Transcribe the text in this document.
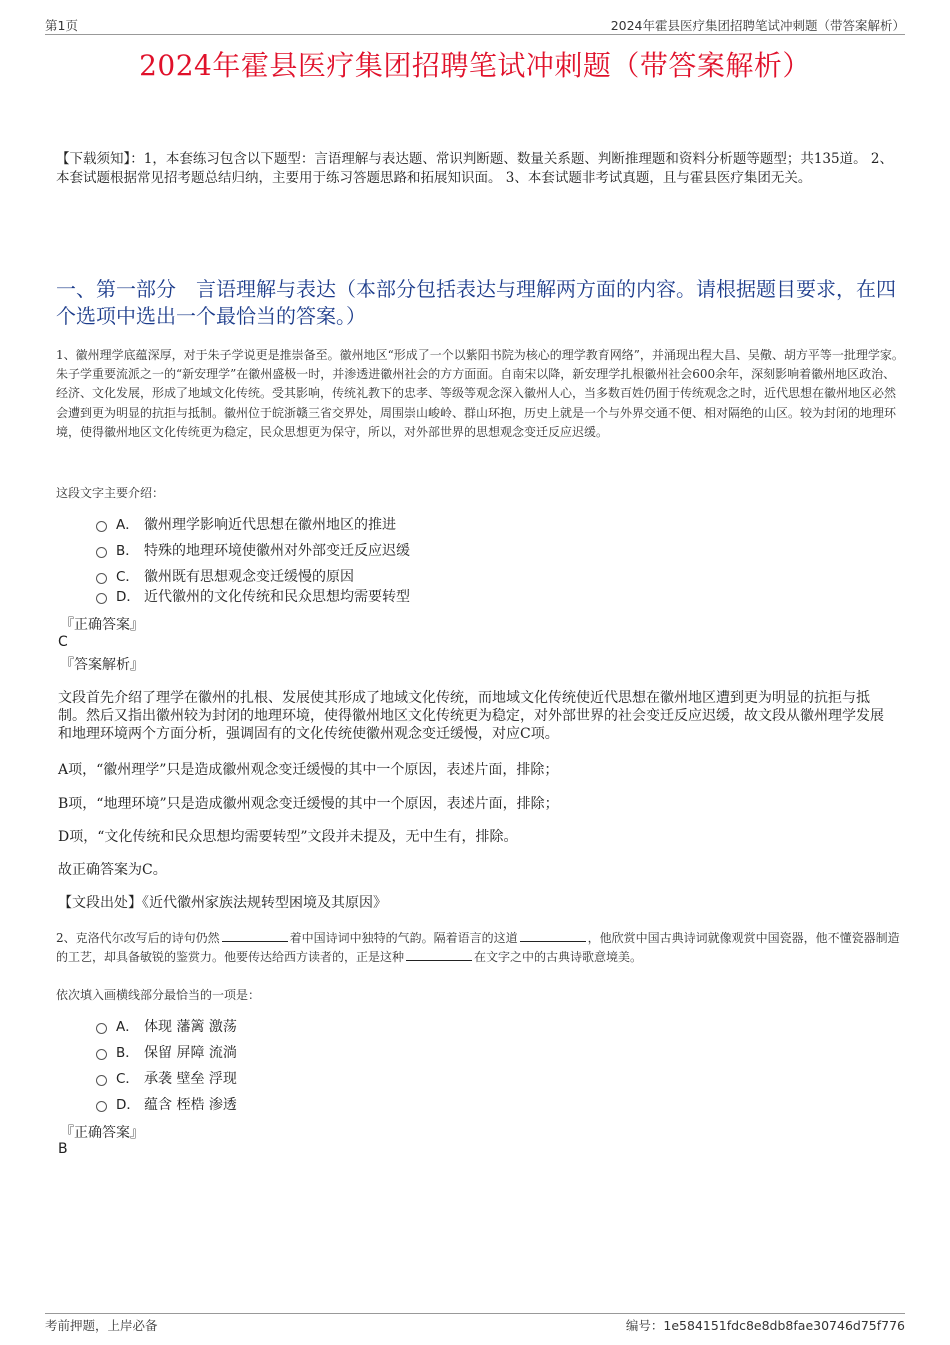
第1页	2024年霍县医疗集团招聘笔试冲刺题（带答案解析）
2024年霍县医疗集团招聘笔试冲刺题（带答案解析）
【下载须知】：1，本套练习包含以下题型：言语理解与表达题、常识判断题、数量关系题、判断推理题和资料分析题等题型；共135道。 2、本套试题根据常见招考题总结归纳，主要用于练习答题思路和拓展知识面。 3、本套试题非考试真题，且与霍县医疗集团无关。
一、第一部分　言语理解与表达（本部分包括表达与理解两方面的内容。请根据题目要求，在四个选项中选出一个最恰当的答案。）
1、徽州理学底蕴深厚，对于朱子学说更是推崇备至。徽州地区“形成了一个以紫阳书院为核心的理学教育网络”，并涌现出程大昌、吴儆、胡方平等一批理学家。朱子学重要流派之一的“新安理学”在徽州盛极一时，并渗透进徽州社会的方方面面。自南宋以降，新安理学扎根徽州社会600余年，深刻影响着徽州地区政治、经济、文化发展，形成了地域文化传统。受其影响，传统礼教下的忠孝、等级等观念深入徽州人心，当多数百姓仍囿于传统观念之时，近代思想在徽州地区必然会遭到更为明显的抗拒与抵制。徽州位于皖浙赣三省交界处，周围崇山峻岭、群山环抱，历史上就是一个与外界交通不便、相对隔绝的山区。较为封闭的地理环境，使得徽州地区文化传统更为稳定，民众思想更为保守，所以，对外部世界的思想观念变迁反应迟缓。
这段文字主要介绍：
A． 徽州理学影响近代思想在徽州地区的推进
B． 特殊的地理环境使徽州对外部变迁反应迟缓
C． 徽州既有思想观念变迁缓慢的原因
D． 近代徽州的文化传统和民众思想均需要转型
『正确答案』
C
『答案解析』
文段首先介绍了理学在徽州的扎根、发展使其形成了地域文化传统，而地域文化传统使近代思想在徽州地区遭到更为明显的抗拒与抵制。然后又指出徽州较为封闭的地理环境，使得徽州地区文化传统更为稳定，对外部世界的社会变迁反应迟缓，故文段从徽州理学发展和地理环境两个方面分析，强调固有的文化传统使徽州观念变迁缓慢，对应C项。
A项，“徽州理学”只是造成徽州观念变迁缓慢的其中一个原因，表述片面，排除；
B项，“地理环境”只是造成徽州观念变迁缓慢的其中一个原因，表述片面，排除；
D项，“文化传统和民众思想均需要转型”文段并未提及，无中生有，排除。
故正确答案为C。
【文段出处】《近代徽州家族法规转型困境及其原因》
2、克洛代尔改写后的诗句仍然	着中国诗词中独特的气韵。隔着语言的这道	，他欣赏中国古典诗词就像观赏中国瓷器，他不懂瓷器制造的工艺，却具备敏锐的鉴赏力。他要传达给西方读者的，正是这种	在文字之中的古典诗歌意境美。
依次填入画横线部分最恰当的一项是：
A． 体现 藩篱 激荡
B． 保留 屏障 流淌
C． 承袭 壁垒 浮现
D． 蕴含 桎梏 渗透
『正确答案』
B
考前押题，上岸必备	编号：1e584151fdc8e8db8fae30746d75f776
